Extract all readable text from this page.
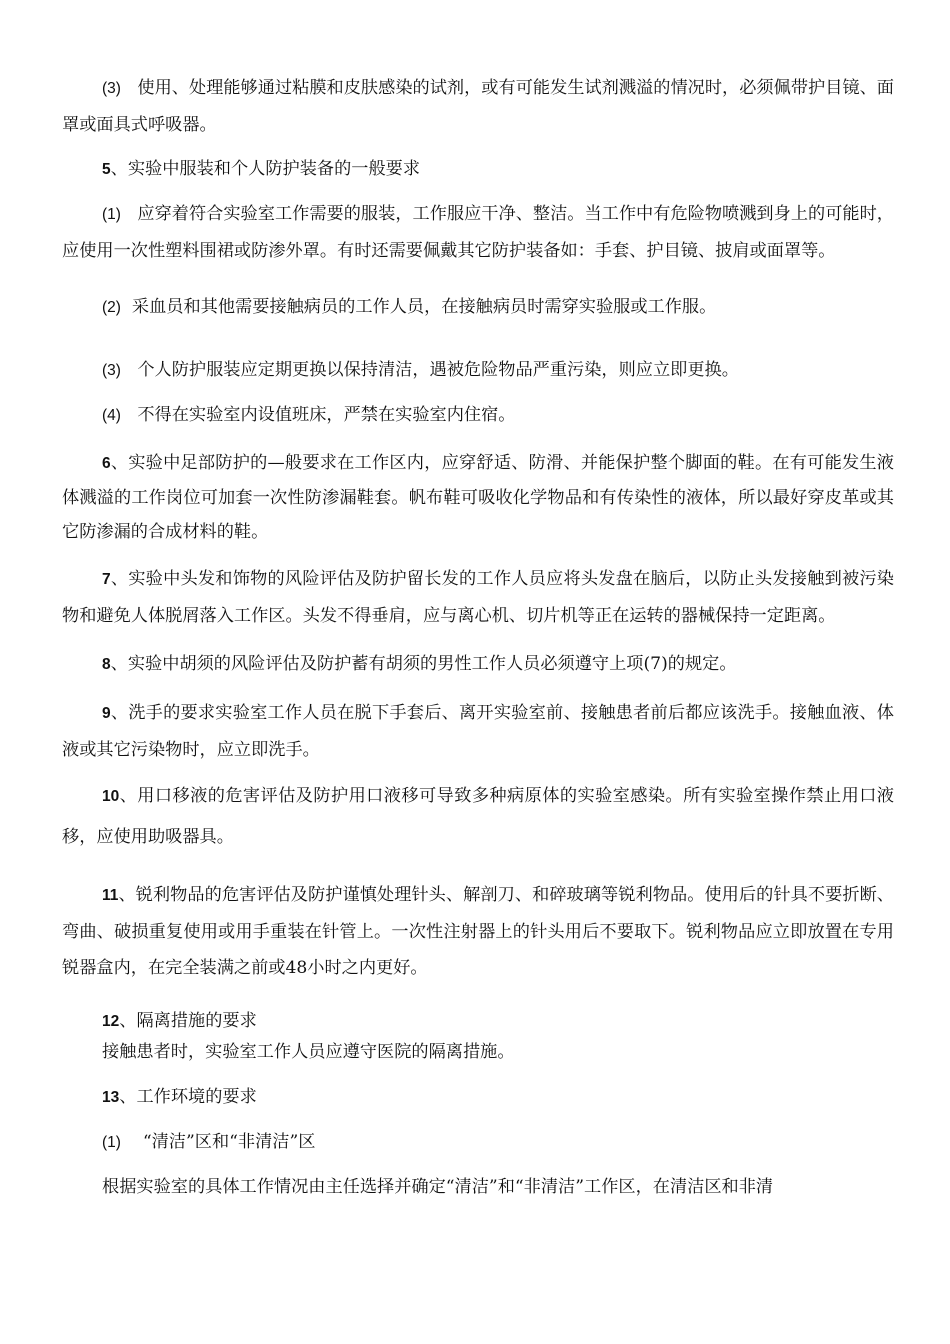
(3) 使用、处理能够通过粘膜和皮肤感染的试剂，或有可能发生试剂溅溢的情况时，必须佩带护目镜、面罩或面具式呼吸器。

5、实验中服装和个人防护装备的一般要求

(1) 应穿着符合实验室工作需要的服装，工作服应干净、整洁。当工作中有危险物喷溅到身上的可能时，应使用一次性塑料围裙或防渗外罩。有时还需要佩戴其它防护装备如：手套、护目镜、披肩或面罩等。

(2) 采血员和其他需要接触病员的工作人员，在接触病员时需穿实验服或工作服。

(3) 个人防护服装应定期更换以保持清洁，遇被危险物品严重污染，则应立即更换。

(4) 不得在实验室内设值班床，严禁在实验室内住宿。

6、实验中足部防护的—般要求在工作区内，应穿舒适、防滑、并能保护整个脚面的鞋。在有可能发生液体溅溢的工作岗位可加套一次性防渗漏鞋套。帆布鞋可吸收化学物品和有传染性的液体，所以最好穿皮革或其它防渗漏的合成材料的鞋。

7、实验中头发和饰物的风险评估及防护留长发的工作人员应将头发盘在脑后，以防止头发接触到被污染物和避免人体脱屑落入工作区。头发不得垂肩，应与离心机、切片机等正在运转的器械保持一定距离。

8、实验中胡须的风险评估及防护蓄有胡须的男性工作人员必须遵守上项(7)的规定。

9、洗手的要求实验室工作人员在脱下手套后、离开实验室前、接触患者前后都应该洗手。接触血液、体液或其它污染物时，应立即洗手。

10、用口移液的危害评估及防护用口液移可导致多种病原体的实验室感染。所有实验室操作禁止用口液移，应使用助吸器具。

11、锐利物品的危害评估及防护谨慎处理针头、解剖刀、和碎玻璃等锐利物品。使用后的针具不要折断、弯曲、破损重复使用或用手重装在针管上。一次性注射器上的针头用后不要取下。锐利物品应立即放置在专用锐器盒内，在完全装满之前或48小时之内更好。

12、隔离措施的要求

接触患者时，实验室工作人员应遵守医院的隔离措施。

13、工作环境的要求

(1) “清洁”区和“非清洁”区

根据实验室的具体工作情况由主任选择并确定“清洁”和“非清洁”工作区，在清洁区和非清
